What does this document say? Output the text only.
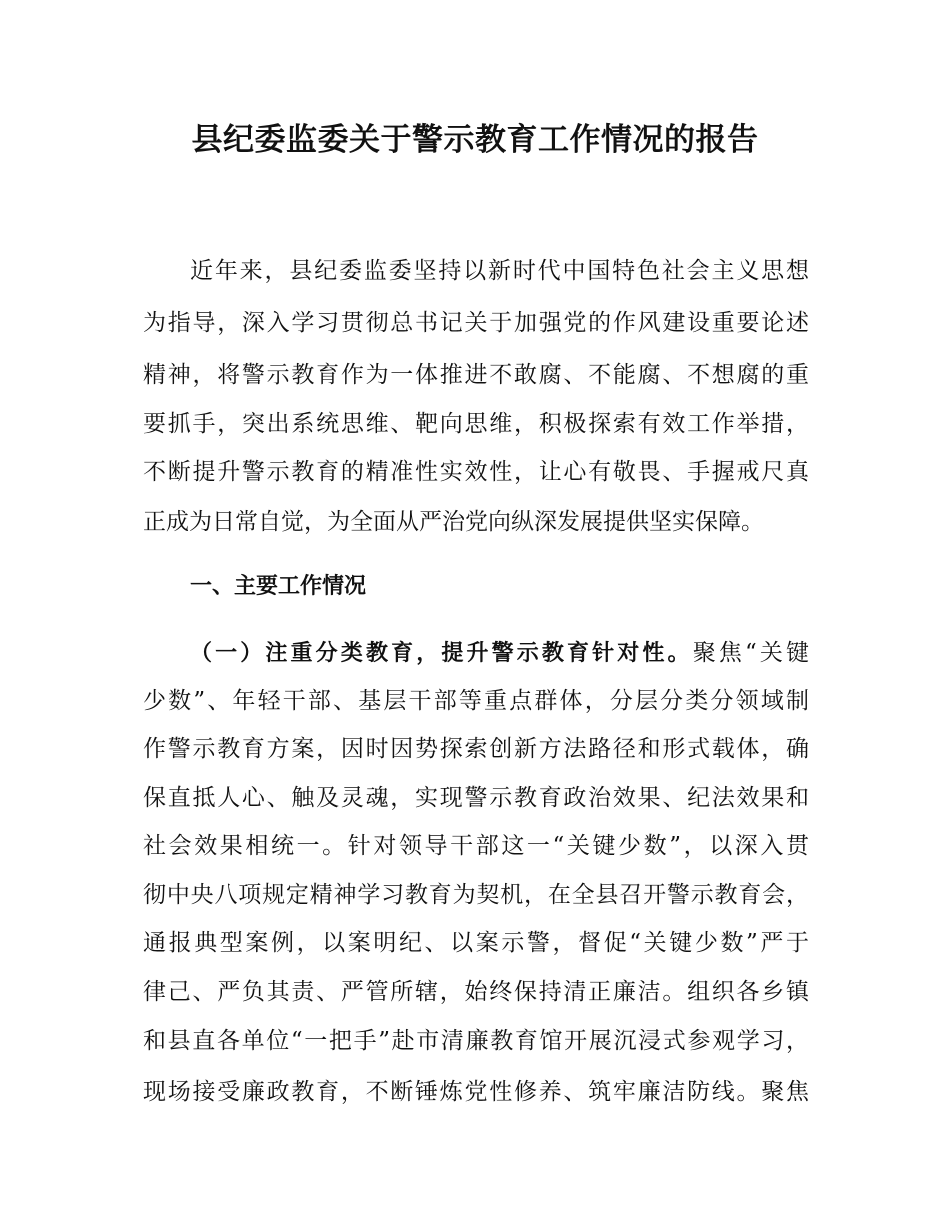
县纪委监委关于警示教育工作情况的报告

近年来，县纪委监委坚持以新时代中国特色社会主义思想

为指导，深入学习贯彻总书记关于加强党的作风建设重要论述

精神，将警示教育作为一体推进不敢腐、不能腐、不想腐的重

要抓手，突出系统思维、靶向思维，积极探索有效工作举措，

不断提升警示教育的精准性实效性，让心有敬畏、手握戒尺真

正成为日常自觉，为全面从严治党向纵深发展提供坚实保障。

一、主要工作情况

（一）注重分类教育，提升警示教育针对性。聚焦“关键

少数”、年轻干部、基层干部等重点群体，分层分类分领域制

作警示教育方案，因时因势探索创新方法路径和形式载体，确

保直抵人心、触及灵魂，实现警示教育政治效果、纪法效果和

社会效果相统一。针对领导干部这一“关键少数”，以深入贯

彻中央八项规定精神学习教育为契机，在全县召开警示教育会，

通报典型案例，以案明纪、以案示警，督促“关键少数”严于

律己、严负其责、严管所辖，始终保持清正廉洁。组织各乡镇

和县直各单位“一把手”赴市清廉教育馆开展沉浸式参观学习，

现场接受廉政教育，不断锤炼党性修养、筑牢廉洁防线。聚焦
